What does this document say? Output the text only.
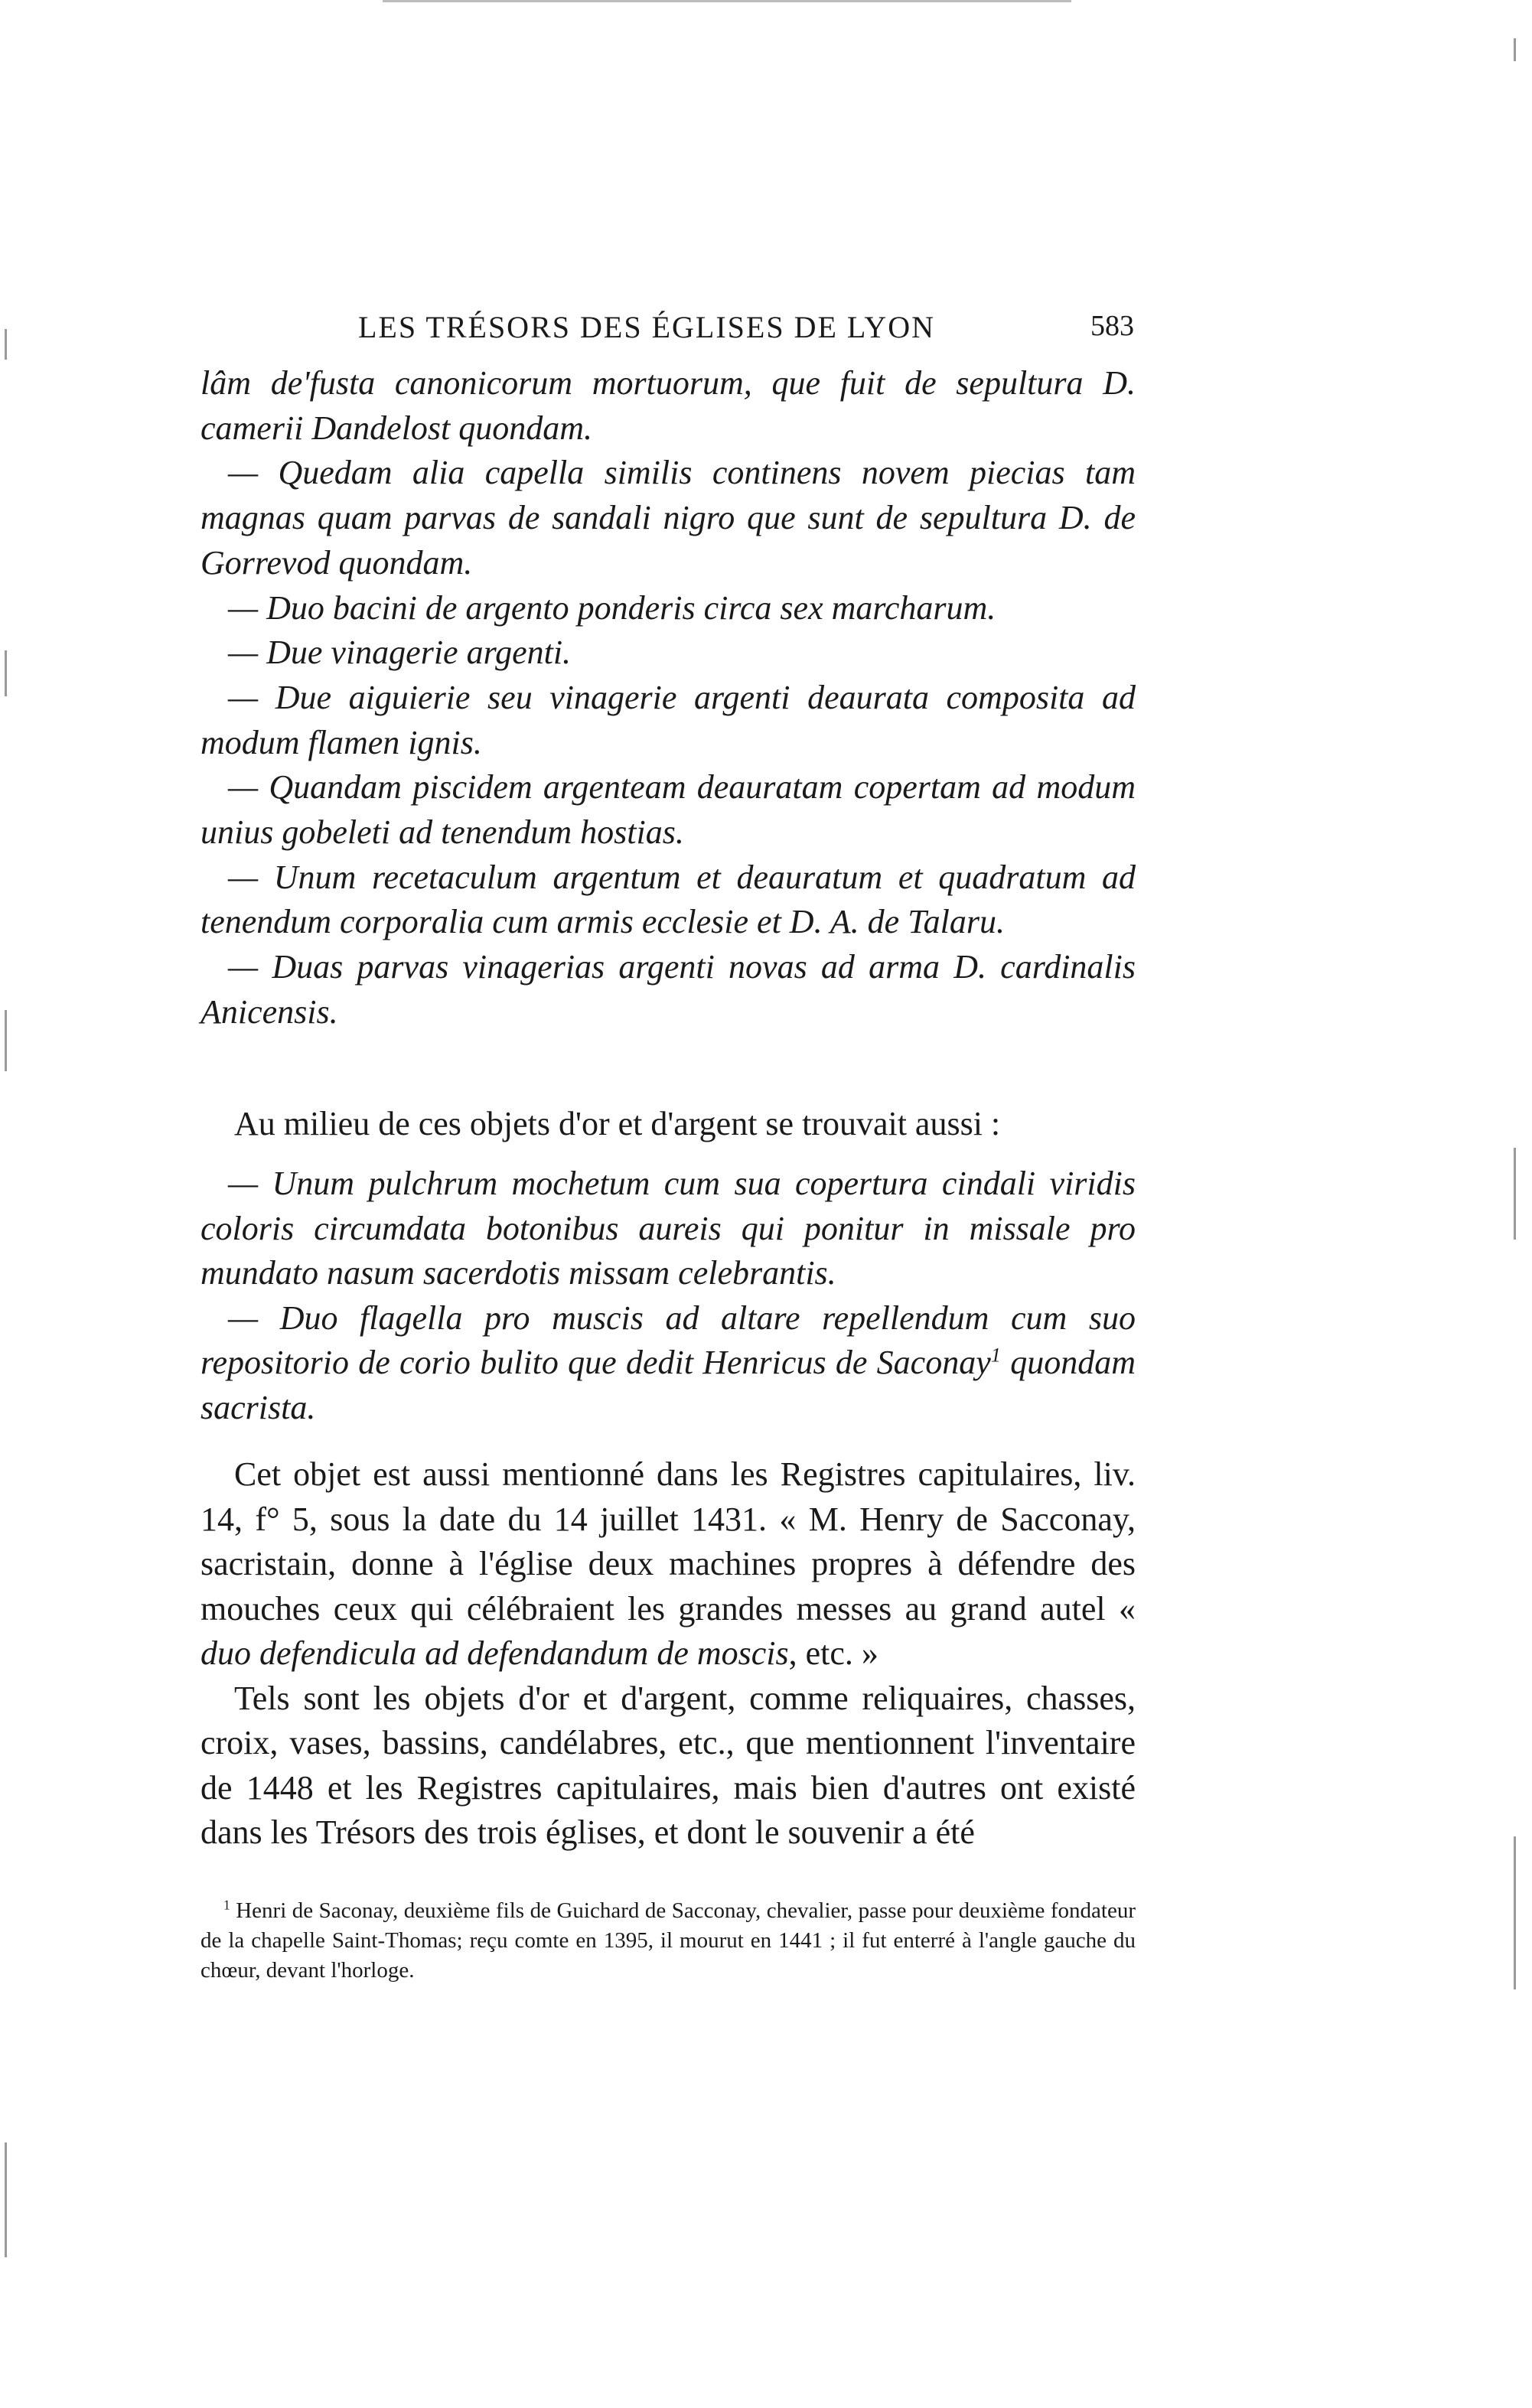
LES TRÉSORS DES ÉGLISES DE LYON	583

lâm de'fusta canonicorum mortuorum, que fuit de sepultura D. camerii Dandelost quondam.

— Quedam alia capella similis continens novem piecias tam magnas quam parvas de sandali nigro que sunt de sepultura D. de Gorrevod quondam.

— Duo bacini de argento ponderis circa sex marcharum.

— Due vinagerie argenti.

— Due aiguierie seu vinagerie argenti deaurata composita ad modum flamen ignis.

— Quandam piscidem argenteam deauratam copertam ad modum unius gobeleti ad tenendum hostias.

— Unum recetaculum argentum et deauratum et quadratum ad tenendum corporalia cum armis ecclesie et D. A. de Talaru.

— Duas parvas vinagerias argenti novas ad arma D. cardinalis Anicensis.

Au milieu de ces objets d'or et d'argent se trouvait aussi :

— Unum pulchrum mochetum cum sua copertura cindali viridis coloris circumdata botonibus aureis qui ponitur in missale pro mundato nasum sacerdotis missam celebrantis.

— Duo flagella pro muscis ad altare repellendum cum suo repositorio de corio bulito que dedit Henricus de Saconay$^1$ quondam sacrista.

Cet objet est aussi mentionné dans les Registres capitulaires, liv. 14, f° 5, sous la date du 14 juillet 1431. « M. Henry de Sacconay, sacristain, donne à l'église deux machines propres à défendre des mouches ceux qui célébraient les grandes messes au grand autel « duo defendicula ad defendandum de moscis, etc. »

Tels sont les objets d'or et d'argent, comme reliquaires, chasses, croix, vases, bassins, candélabres, etc., que mentionnent l'inventaire de 1448 et les Registres capitulaires, mais bien d'autres ont existé dans les Trésors des trois églises, et dont le souvenir a été

$^1$ Henri de Saconay, deuxième fils de Guichard de Sacconay, chevalier, passe pour deuxième fondateur de la chapelle Saint-Thomas; reçu comte en 1395, il mourut en 1441 ; il fut enterré à l'angle gauche du chœur, devant l'horloge.
